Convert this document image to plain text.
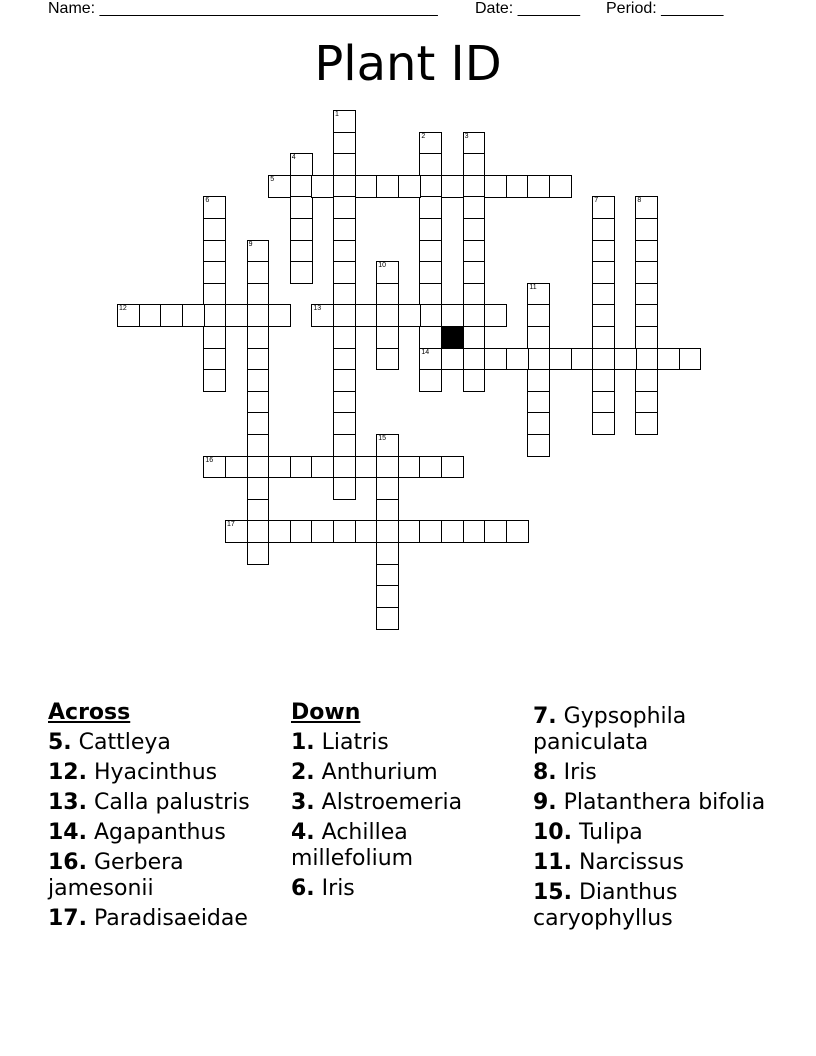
Name: ______________________________________ Date: _______ Period: _______
Plant ID
1
2
14
3
4
5
6	7	8
9
10
11
12	13
15
16
17
Across
5. Cattleya
12. Hyacinthus
13. Calla palustris
14. Agapanthus
16. Gerbera jamesonii
17. Paradisaeidae
Down
1. Liatris
2. Anthurium
3. Alstroemeria
4. Achillea millefolium
6. Iris
7. Gypsophila paniculata
8. Iris
9. Platanthera bifolia
10. Tulipa
11. Narcissus
15. Dianthus caryophyllus
